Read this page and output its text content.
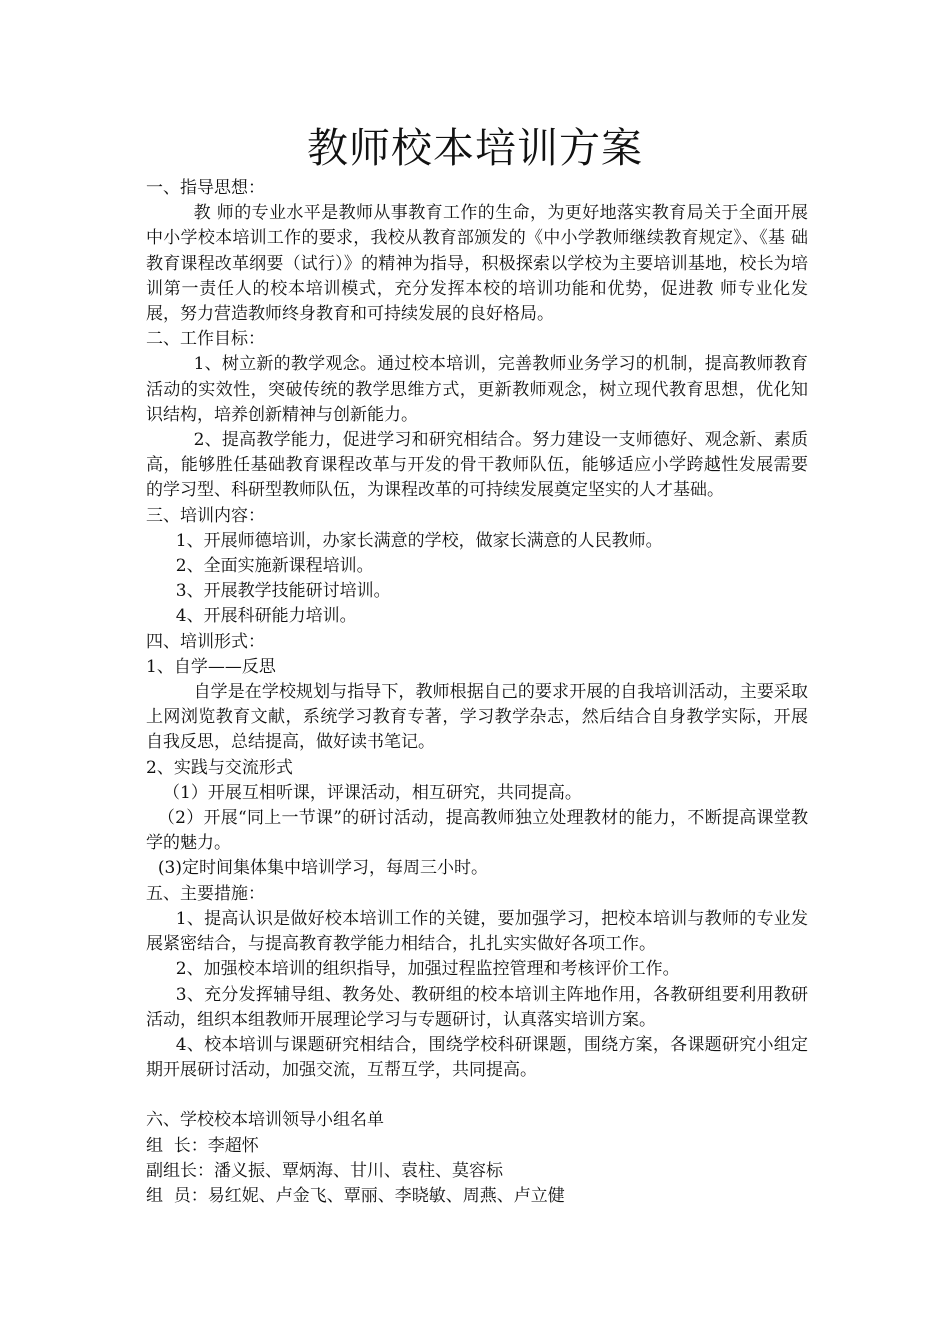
教师校本培训方案

一、指导思想：

教 师的专业水平是教师从事教育工作的生命，为更好地落实教育局关于全面开展中小学校本培训工作的要求，我校从教育部颁发的《中小学教师继续教育规定》、《基 础教育课程改革纲要（试行）》的精神为指导，积极探索以学校为主要培训基地，校长为培训第一责任人的校本培训模式，充分发挥本校的培训功能和优势，促进教 师专业化发展，努力营造教师终身教育和可持续发展的良好格局。

二、工作目标：

1、树立新的教学观念。通过校本培训，完善教师业务学习的机制，提高教师教育活动的实效性，突破传统的教学思维方式，更新教师观念，树立现代教育思想，优化知识结构，培养创新精神与创新能力。

2、提高教学能力，促进学习和研究相结合。努力建设一支师德好、观念新、素质高，能够胜任基础教育课程改革与开发的骨干教师队伍，能够适应小学跨越性发展需要的学习型、科研型教师队伍，为课程改革的可持续发展奠定坚实的人才基础。

三、培训内容：

1、开展师德培训，办家长满意的学校，做家长满意的人民教师。

2、全面实施新课程培训。

3、开展教学技能研讨培训。

4、开展科研能力培训。

四、培训形式：

1、自学——反思

自学是在学校规划与指导下，教师根据自己的要求开展的自我培训活动，主要采取上网浏览教育文献，系统学习教育专著，学习教学杂志，然后结合自身教学实际，开展自我反思，总结提高，做好读书笔记。

2、实践与交流形式

（1）开展互相听课，评课活动，相互研究，共同提高。

（2）开展“同上一节课”的研讨活动，提高教师独立处理教材的能力，不断提高课堂教学的魅力。

(3)定时间集体集中培训学习，每周三小时。

五、主要措施：

1、提高认识是做好校本培训工作的关键，要加强学习，把校本培训与教师的专业发展紧密结合，与提高教育教学能力相结合，扎扎实实做好各项工作。

2、加强校本培训的组织指导，加强过程监控管理和考核评价工作。

3、充分发挥辅导组、教务处、教研组的校本培训主阵地作用，各教研组要利用教研活动，组织本组教师开展理论学习与专题研讨，认真落实培训方案。

4、校本培训与课题研究相结合，围绕学校科研课题，围绕方案，各课题研究小组定期开展研讨活动，加强交流，互帮互学，共同提高。

六、学校校本培训领导小组名单

组  长：李超怀

副组长：潘义振、覃炳海、甘川、袁柱、莫容标

组  员：易红妮、卢金飞、覃丽、李晓敏、周燕、卢立健
